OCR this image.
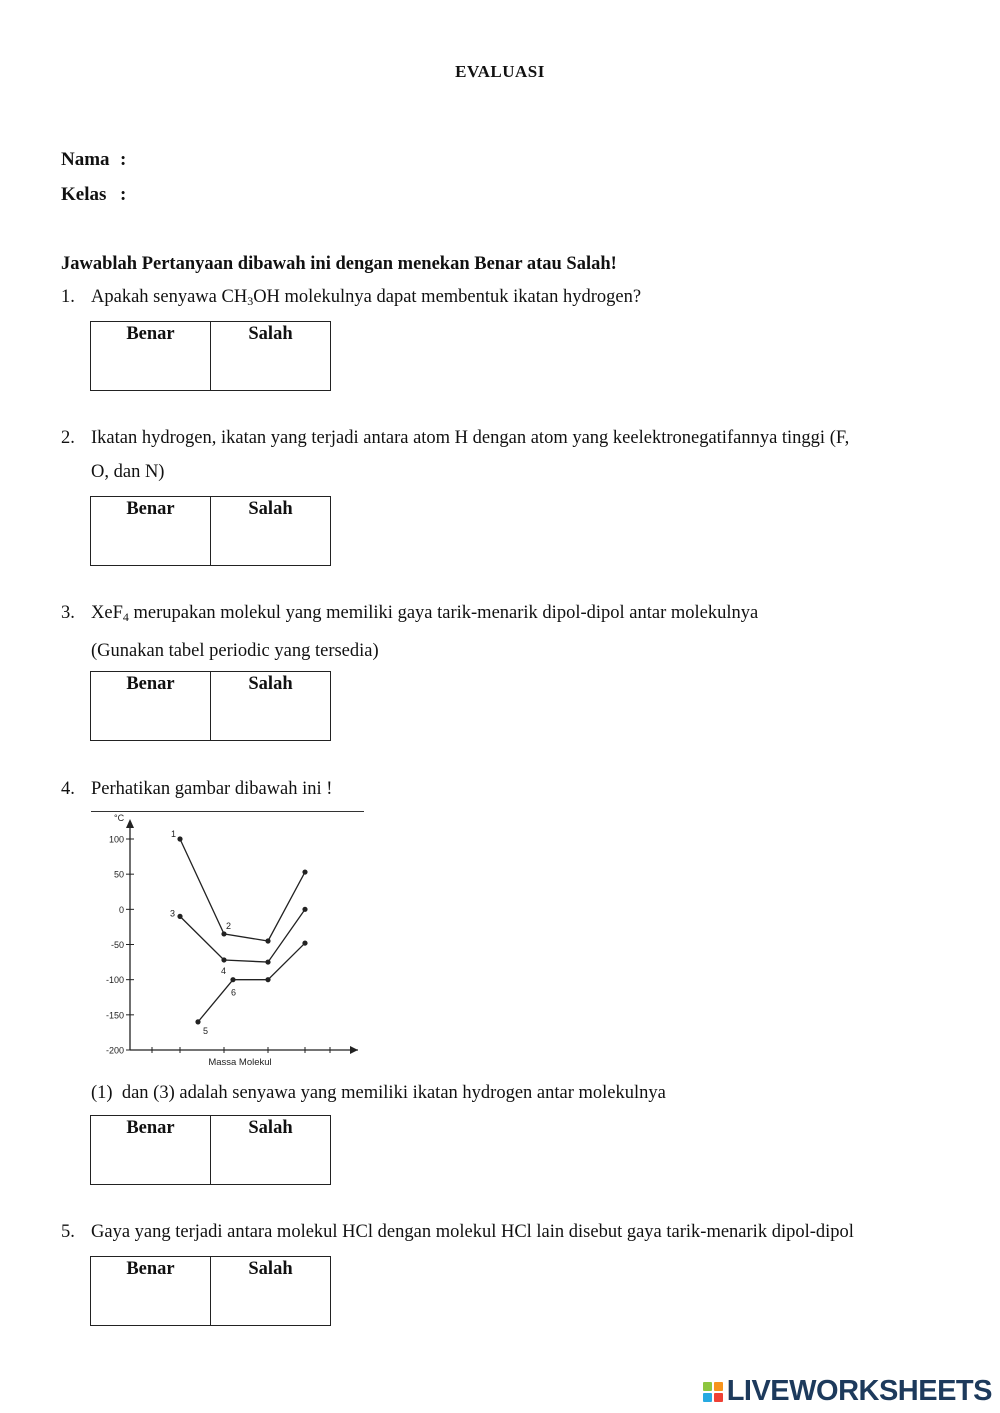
EVALUASI
Nama :
Kelas :
Jawablah Pertanyaan dibawah ini dengan menekan Benar atau Salah!
1. Apakah senyawa $CH_3OH$ molekulnya dapat membentuk ikatan hydrogen?
Benar	Salah
2. Ikatan hydrogen, ikatan yang terjadi antara atom H dengan atom yang keelektronegatifannya tinggi (F,
O, dan N)
Benar	Salah
3. XeF$_4$ merupakan molekul yang memiliki gaya tarik-menarik dipol-dipol antar molekulnya
(Gunakan tabel periodic yang tersedia)
Benar	Salah
4. Perhatikan gambar dibawah ini !
100
50
0
-50
-100
-150
-200
°C
Massa Molekul
1
2
3
4
5
6
(1)  dan (3) adalah senyawa yang memiliki ikatan hydrogen antar molekulnya
Benar	Salah
5. Gaya yang terjadi antara molekul HCl dengan molekul HCl lain disebut gaya tarik-menarik dipol-dipol
Benar	Salah
LIVEWORKSHEETS
